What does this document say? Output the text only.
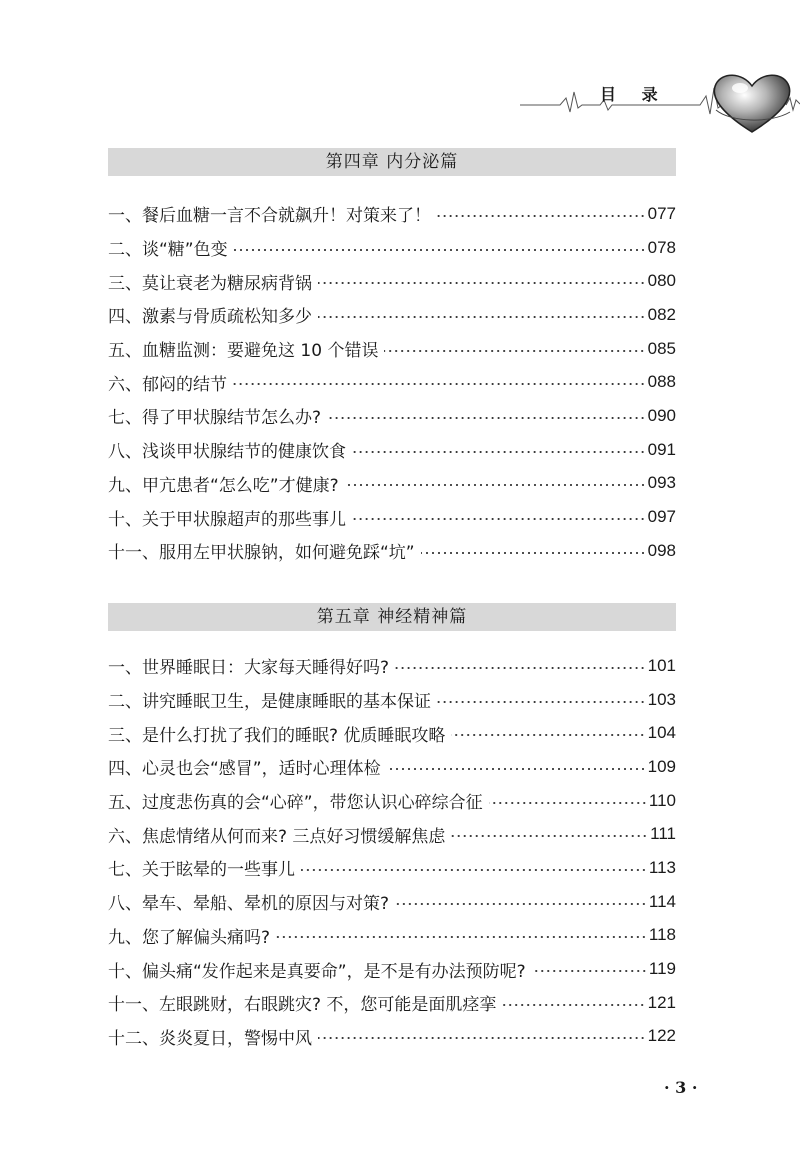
目 录
第四章 内分泌篇
一、餐后血糖一言不合就飙升！对策来了！	077
二、谈“糖”色变	078
三、莫让衰老为糖尿病背锅	080
四、激素与骨质疏松知多少	082
五、血糖监测：要避免这 10 个错误	085
六、郁闷的结节	088
七、得了甲状腺结节怎么办?	090
八、浅谈甲状腺结节的健康饮食	091
九、甲亢患者“怎么吃”才健康?	093
十、关于甲状腺超声的那些事儿	097
十一、服用左甲状腺钠，如何避免踩“坑”	098
第五章 神经精神篇
一、世界睡眠日：大家每天睡得好吗?	101
二、讲究睡眠卫生，是健康睡眠的基本保证	103
三、是什么打扰了我们的睡眠? 优质睡眠攻略	104
四、心灵也会“感冒”，适时心理体检	109
五、过度悲伤真的会“心碎”，带您认识心碎综合征	110
六、焦虑情绪从何而来? 三点好习惯缓解焦虑	111
七、关于眩晕的一些事儿	113
八、晕车、晕船、晕机的原因与对策?	114
九、您了解偏头痛吗?	118
十、偏头痛“发作起来是真要命”，是不是有办法预防呢?	119
十一、左眼跳财，右眼跳灾? 不，您可能是面肌痉挛	121
十二、炎炎夏日，警惕中风	122
· 3 ·
